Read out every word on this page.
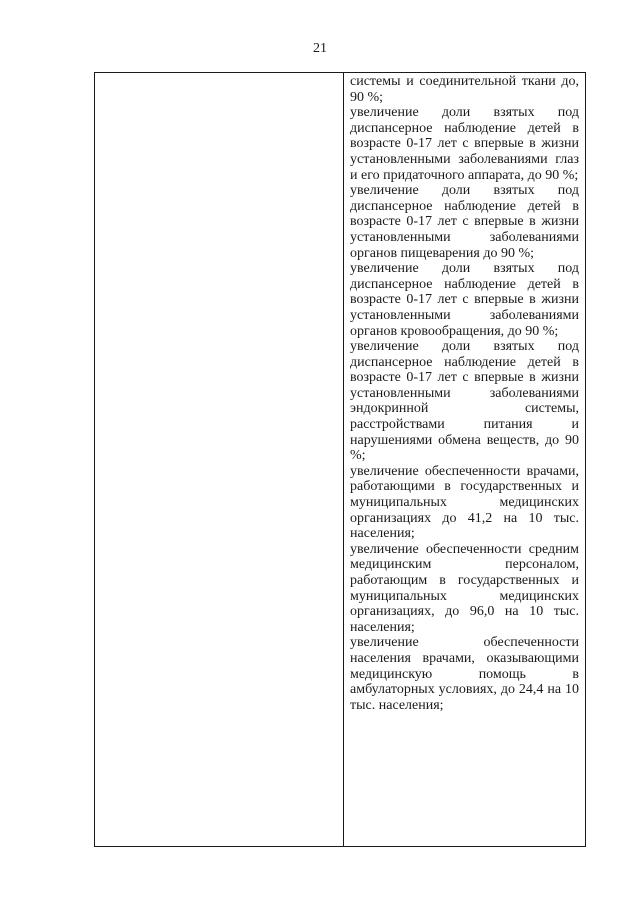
21

системы и соединительной ткани до, 90 %;

увеличение доли взятых под диспансерное наблюдение детей в возрасте 0-17 лет с впервые в жизни установленными заболеваниями глаз и его придаточного аппарата, до 90 %;

увеличение доли взятых под диспансерное наблюдение детей в возрасте 0-17 лет с впервые в жизни установленными заболеваниями органов пищеварения до 90 %;

увеличение доли взятых под диспансерное наблюдение детей в возрасте 0-17 лет с впервые в жизни установленными заболеваниями органов кровообращения, до 90 %;

увеличение доли взятых под диспансерное наблюдение детей в возрасте 0-17 лет с впервые в жизни установленными заболеваниями эндокринной системы, расстройствами питания и нарушениями обмена веществ, до 90 %;

увеличение обеспеченности врачами, работающими в государственных и муниципальных медицинских организациях до 41,2 на 10 тыс. населения;

увеличение обеспеченности средним медицинским персоналом, работающим в государственных и муниципальных медицинских организациях, до 96,0 на 10 тыс. населения;

увеличение обеспеченности населения врачами, оказывающими медицинскую помощь в амбулаторных условиях, до 24,4 на 10 тыс. населения;
